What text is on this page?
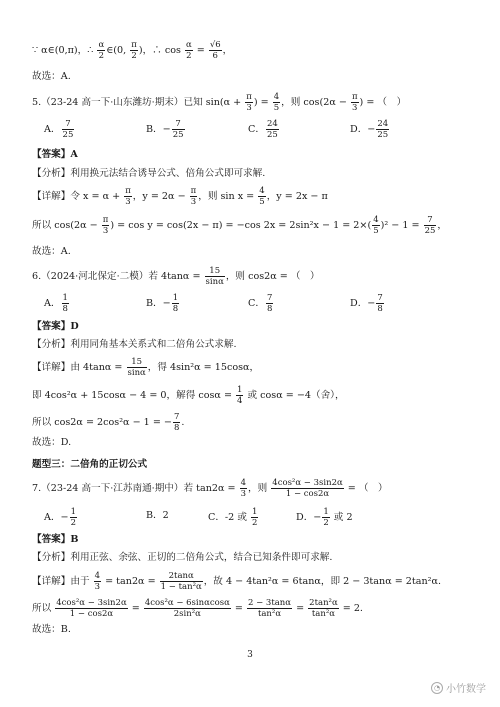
∵ α∈(0,π)，∴ $\frac{\alpha}{2}$ ∈(0, $\frac{\pi}{2}$ )，∴ $\cos \frac{\alpha}{2} = \frac{√6}{6}$ ，
故选：A.
5.（23-24 高一下·山东潍坊·期末）已知 $\sin(\alpha + \frac{\pi}{3}$ ) = $\frac{4}{5}$ ，则 $\cos(2\alpha - \frac{\pi}{3}$ ) = （　）
A． $\frac{7}{25}$	B．− $\frac{7}{25}$	C． $\frac{24}{25}$	D．− $\frac{24}{25}$
【答案】A
【分析】利用换元法结合诱导公式、倍角公式即可求解.
【详解】令 $x = \alpha + \frac{\pi}{3}$ ，$y = 2\alpha - \frac{\pi}{3}$ ，则 $\sin x = \frac{4}{5}$ ，y = 2x − π
所以 $\cos(2\alpha - \frac{\pi}{3}$ ) = cos y = cos(2x − π) = −cos $2x = 2\sin^2x - 1 = 2\times( \frac{4}{5} )^2 - 1 = \frac{7}{25}$ ，
故选：A.
6.（2024·河北保定·二模）若 $4\tan\alpha = \frac{15}{\sin\alpha}$ ，则 cos2α = （　）
A． $\frac{1}{8}$	B．− $\frac{1}{8}$	C． $\frac{7}{8}$	D．− $\frac{7}{8}$
【答案】D
【分析】利用同角基本关系式和二倍角公式求解.
【详解】由 $4\tan\alpha = \frac{15}{\sin\alpha}$ ，得 4sin²α = 15cosα，
即 4cos²α + 15cosα − 4 = 0，解得 $\cos\alpha = \frac{1}{4}$ 或 cosα = −4（舍），
所以 cos2α = 2cos²α − 1 = − $\frac{7}{8}$ .
故选：D.
题型三：二倍角的正切公式
7.（23-24 高一下·江苏南通·期中）若 $\tan 2\alpha = \frac{4}{3}$ ，则 $\frac{\text{4cos²α − 3sin2α}}{1 - \cos 2\alpha}$ = （　）
A．− $\frac{1}{2}$	B．2	C．-2 或 $\frac{1}{2}$	D．− $\frac{1}{2}$ 或 2
【答案】B
【分析】利用正弦、余弦、正切的二倍角公式，结合已知条件即可求解.
【详解】由于 $\frac{4}{3} = \tan 2\alpha = \frac{2\tan\alpha}{\text{1 − tan²α}}$ ，故 4 − 4tan²α = 6tanα，即 2 − 3tanα = 2tan²α.
所以 $\frac{\text{4cos²α − 3sin2α}}{1 - \cos 2\alpha} = \frac{\text{4cos²α − 6sinαcosα}}{\text{2sin²α}} = \frac{2 - 3\tan\alpha}{\text{tan²α}} = \frac{\text{2tan²α}}{\text{tan²α}} = 2$.
故选：B.
3
◔ 小竹数学
